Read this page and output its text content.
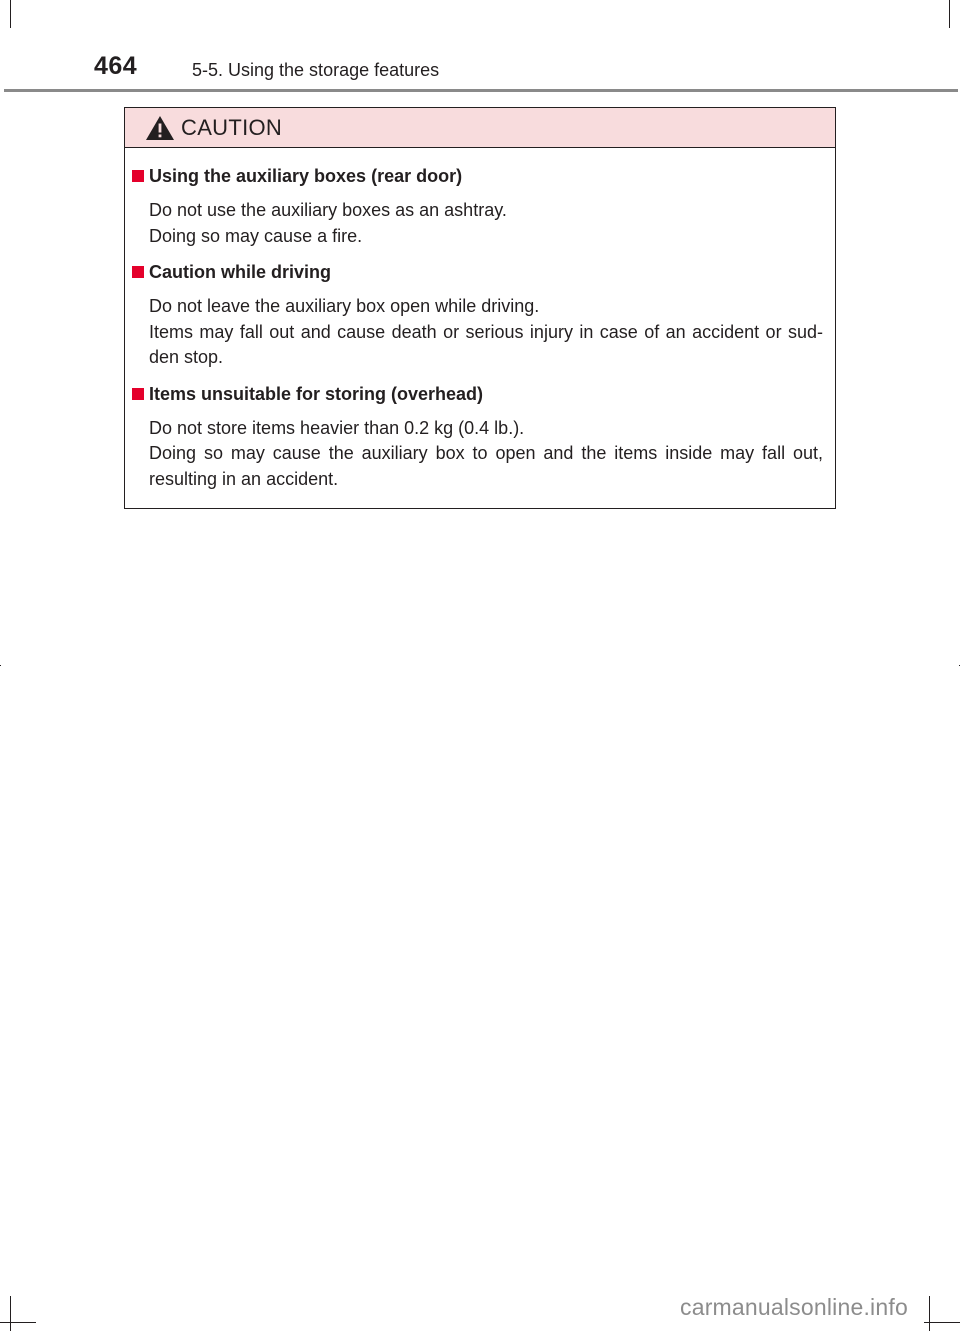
464	5-5. Using the storage features
CAUTION
Using the auxiliary boxes (rear door)

Do not use the auxiliary boxes as an ashtray.

Doing so may cause a fire.

Caution while driving

Do not leave the auxiliary box open while driving.

Items may fall out and cause death or serious injury in case of an accident or sud-den stop.

Items unsuitable for storing (overhead)

Do not store items heavier than 0.2 kg (0.4 lb.).

Doing so may cause the auxiliary box to open and the items inside may fall out, resulting in an accident.

carmanualsonline.info
